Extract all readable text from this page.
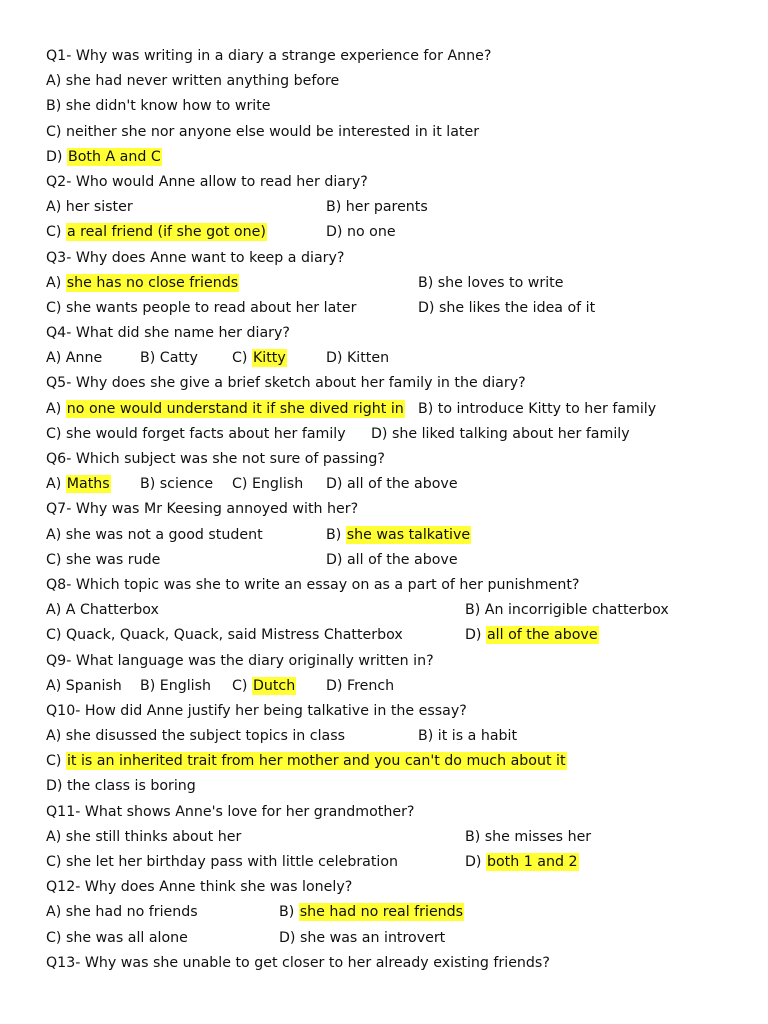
Q1- Why was writing in a diary a strange experience for Anne?
A) she had never written anything before
B) she didn't know how to write
C) neither she nor anyone else would be interested in it later
D) Both A and C
Q2- Who would Anne allow to read her diary?
A) her sister	B) her parents
C) a real friend (if she got one)	D) no one
Q3- Why does Anne want to keep a diary?
A) she has no close friends	B) she loves to write
C) she wants people to read about her later	D) she likes the idea of it
Q4- What did she name her diary?
A) Anne	B) Catty C) Kitty	D) Kitten
Q5- Why does she give a brief sketch about her family in the diary?
A) no one would understand it if she dived right in B) to introduce Kitty to her family
C) she would forget facts about her family D) she liked talking about her family
Q6- Which subject was she not sure of passing?
A) Maths B) science C) English D) all of the above
Q7- Why was Mr Keesing annoyed with her?
A) she was not a good student	B) she was talkative
C) she was rude	D) all of the above
Q8- Which topic was she to write an essay on as a part of her punishment?
A) A Chatterbox	B) An incorrigible chatterbox
C) Quack, Quack, Quack, said Mistress Chatterbox	D) all of the above
Q9- What language was the diary originally written in?
A) Spanish B) English C) Dutch D) French
Q10- How did Anne justify her being talkative in the essay?
A) she disussed the subject topics in class	B) it is a habit
C) it is an inherited trait from her mother and you can't do much about it
D) the class is boring
Q11- What shows Anne's love for her grandmother?
A) she still thinks about her	B) she misses her
C) she let her birthday pass with little celebration	D) both 1 and 2
Q12- Why does Anne think she was lonely?
A) she had no friends	B) she had no real friends
C) she was all alone	D) she was an introvert
Q13- Why was she unable to get closer to her already existing friends?
